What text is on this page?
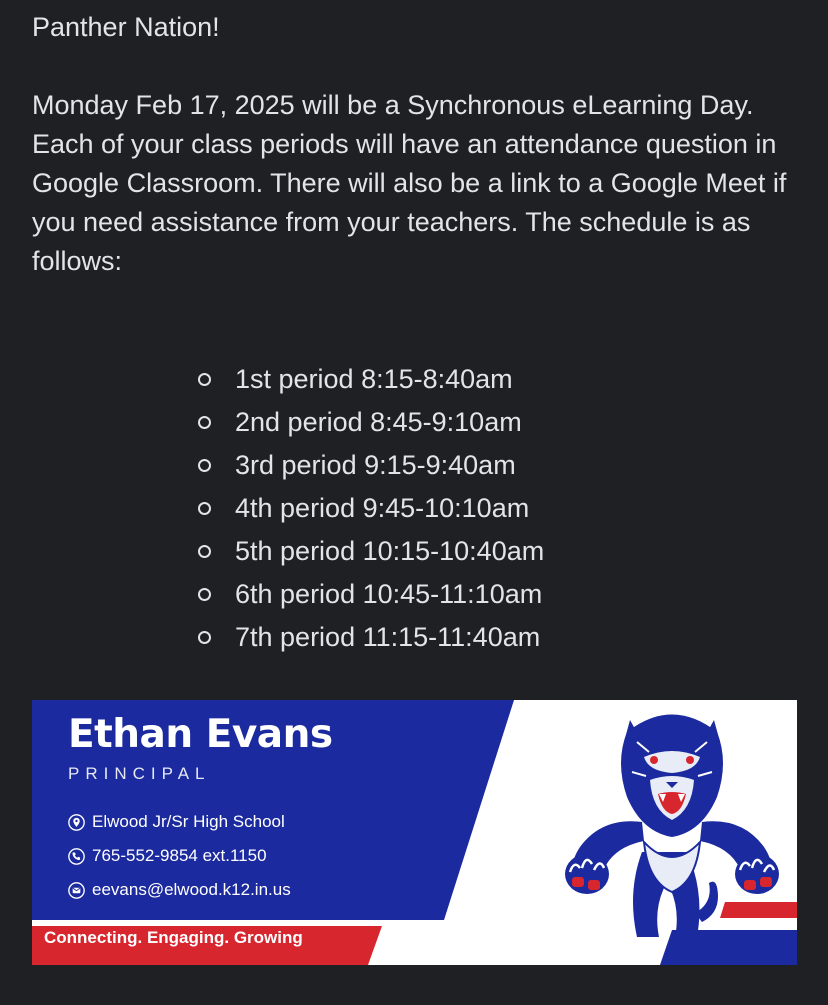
Panther Nation!

Monday Feb 17, 2025 will be a Synchronous eLearning Day. Each of your class periods will have an attendance question in Google Classroom. There will also be a link to a Google Meet if you need assistance from your teachers. The schedule is as follows:

1st period 8:15-8:40am
2nd period 8:45-9:10am
3rd period 9:15-9:40am
4th period 9:45-10:10am
5th period 10:15-10:40am
6th period 10:45-11:10am
7th period 11:15-11:40am
Ethan Evans
PRINCIPAL
Elwood Jr/Sr High School
765-552-9854 ext.1150
eevans@elwood.k12.in.us
Connecting. Engaging. Growing
